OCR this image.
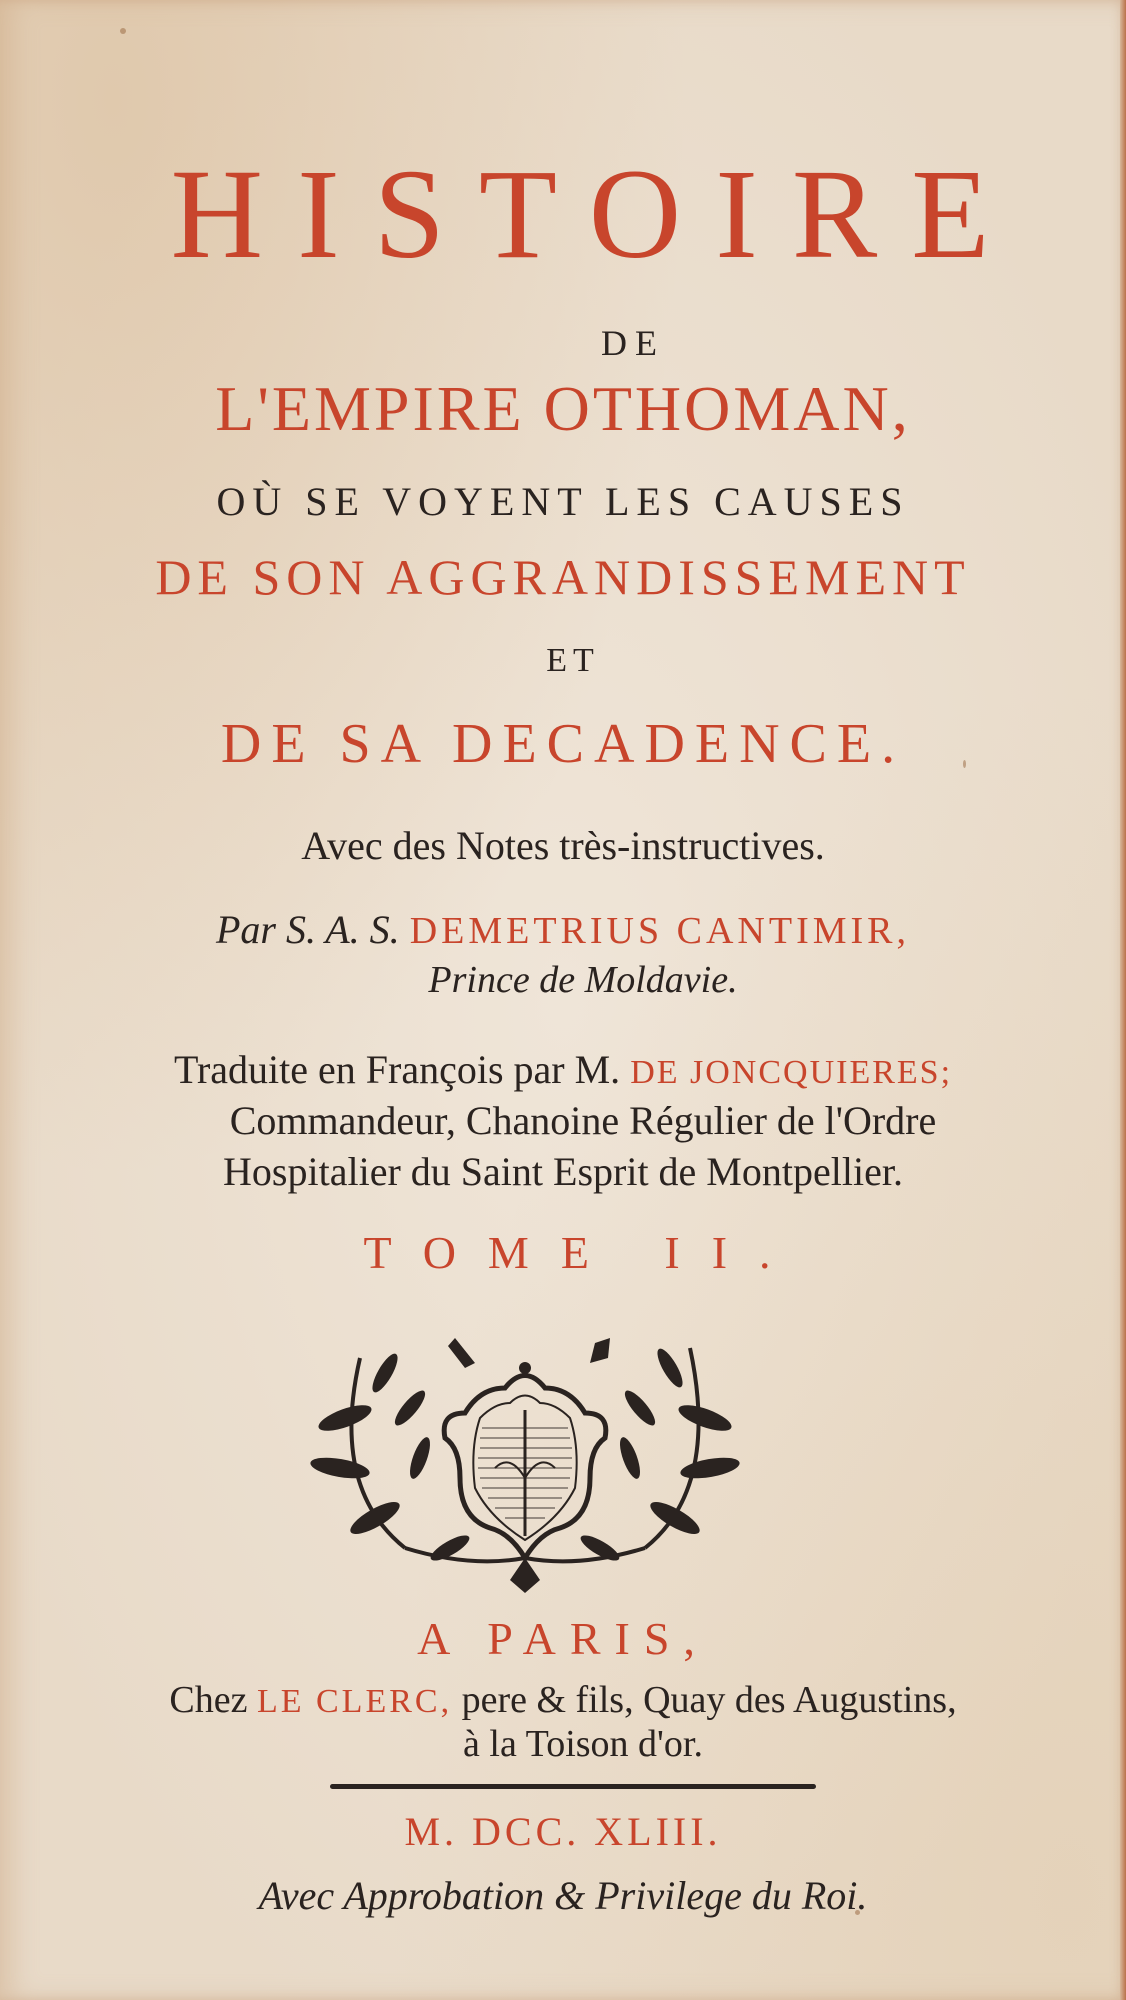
HISTOIRE
DE
L'EMPIRE OTHOMAN,
OÙ SE VOYENT LES CAUSES
DE SON AGGRANDISSEMENT
ET
DE SA DECADENCE.
Avec des Notes très-instructives.
Par S. A. S. DEMETRIUS CANTIMIR,
Prince de Moldavie.
Traduite en François par M. DE JONCQUIERES;
Commandeur, Chanoine Régulier de l'Ordre
Hospitalier du Saint Esprit de Montpellier.
TOME II.
A PARIS,
Chez LE CLERC, pere & fils, Quay des Augustins,
à la Toison d'or.
M. DCC. XLIII.
Avec Approbation & Privilege du Roi.
